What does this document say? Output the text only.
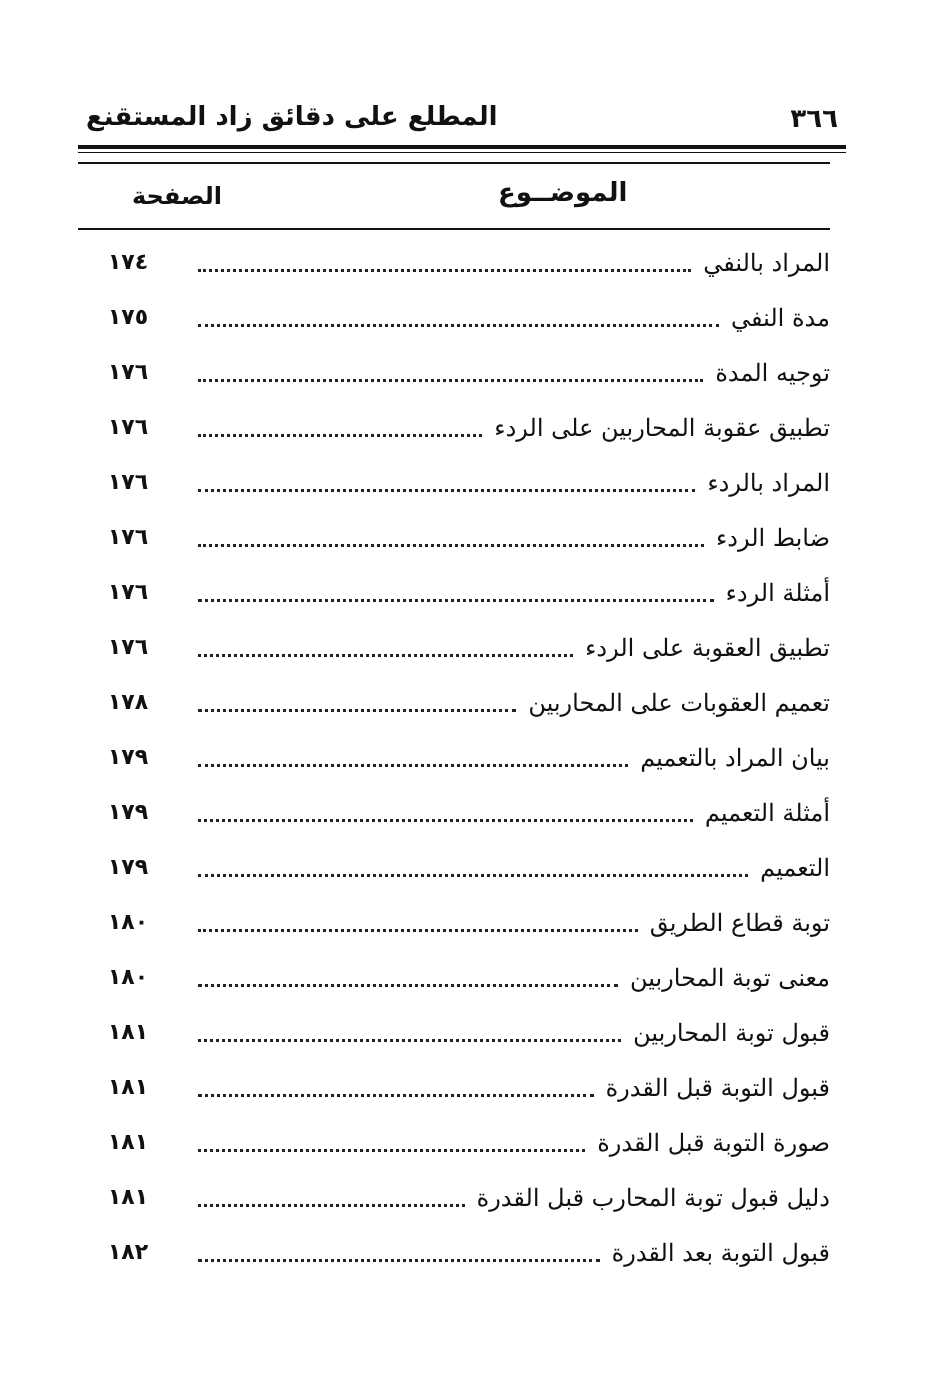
٣٦٦
المطلع على دقائق زاد المستقنع
الموضــوع
الصفحة
المراد بالنفي
١٧٤
مدة النفي
١٧٥
توجيه المدة
١٧٦
تطبيق عقوبة المحاربين على الردء
١٧٦
المراد بالردء
١٧٦
ضابط الردء
١٧٦
أمثلة الردء
١٧٦
تطبيق العقوبة على الردء
١٧٦
تعميم العقوبات على المحاربين
١٧٨
بيان المراد بالتعميم
١٧٩
أمثلة التعميم
١٧٩
التعميم
١٧٩
توبة قطاع الطريق
١٨٠
معنى توبة المحاربين
١٨٠
قبول توبة المحاربين
١٨١
قبول التوبة قبل القدرة
١٨١
صورة التوبة قبل القدرة
١٨١
دليل قبول توبة المحارب قبل القدرة
١٨١
قبول التوبة بعد القدرة
١٨٢
